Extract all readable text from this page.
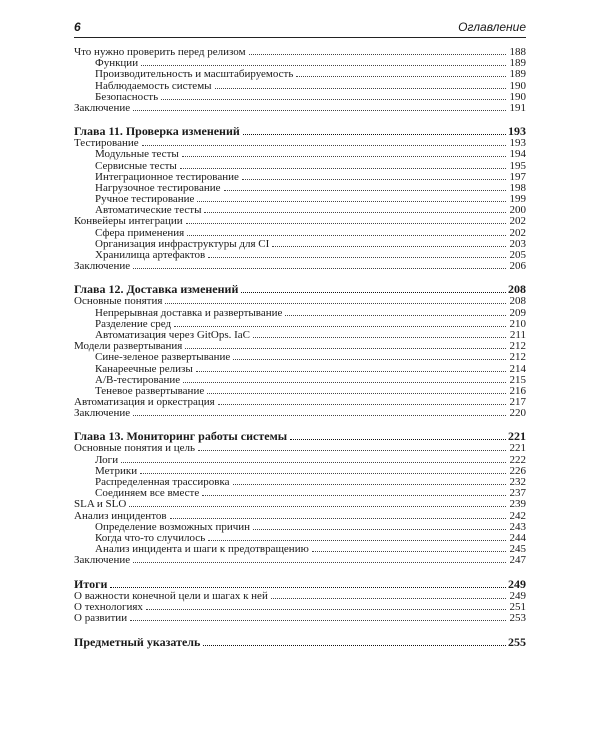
6	Оглавление
Что нужно проверить перед релизом	188
Функции	189
Производительность и масштабируемость	189
Наблюдаемость системы	190
Безопасность	190
Заключение	191
Глава 11. Проверка изменений	193
Тестирование	193
Модульные тесты	194
Сервисные тесты	195
Интеграционное тестирование	197
Нагрузочное тестирование	198
Ручное тестирование	199
Автоматические тесты	200
Конвейеры интеграции	202
Сфера применения	202
Организация инфраструктуры для CI	203
Хранилища артефактов	205
Заключение	206
Глава 12. Доставка изменений	208
Основные понятия	208
Непрерывная доставка и развертывание	209
Разделение сред	210
Автоматизация через GitOps. IaC	211
Модели развертывания	212
Сине-зеленое развертывание	212
Канареечные релизы	214
A/B-тестирование	215
Теневое развертывание	216
Автоматизация и оркестрация	217
Заключение	220
Глава 13. Мониторинг работы системы	221
Основные понятия и цель	221
Логи	222
Метрики	226
Распределенная трассировка	232
Соединяем все вместе	237
SLA и SLO	239
Анализ инцидентов	242
Определение возможных причин	243
Когда что-то случилось	244
Анализ инцидента и шаги к предотвращению	245
Заключение	247
Итоги	249
О важности конечной цели и шагах к ней	249
О технологиях	251
О развитии	253
Предметный указатель	255
